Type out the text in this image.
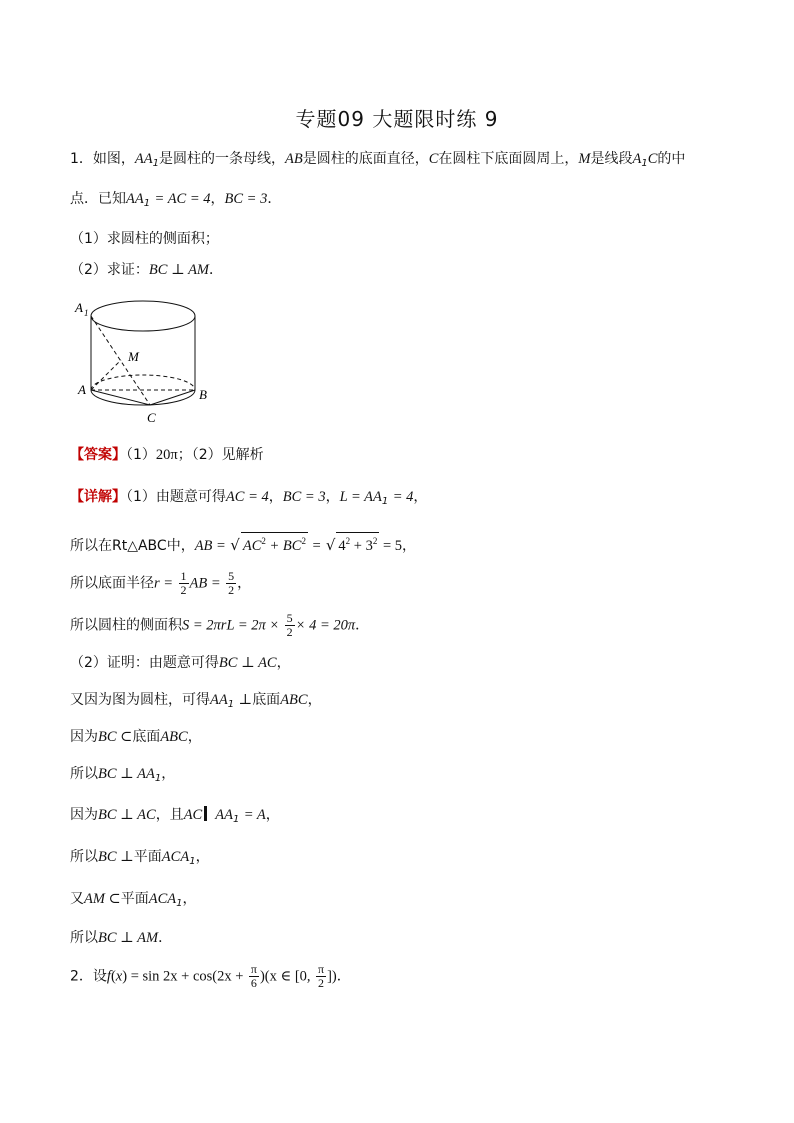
专题09 大题限时练 9
1．如图，$AA_1$是圆柱的一条母线，AB是圆柱的底面直径，C在圆柱下底面圆周上，M是线段$A_1C$的中
点．已知$AA_1$ = AC = 4，BC = 3．
（1）求圆柱的侧面积；
（2）求证：BC ⊥ AM．
A 1
M
A	B
C
【答案】（1）20π；（2）见解析
【详解】（1）由题意可得AC = 4，BC = 3，$L = AA_1 = 4$，
所以在Rt△ABC中，AB = √ $AC^2 + BC^2$ = √ $4^2 + 3^2 = 5$，
所以底面半径$r = \frac{1}{2}$ AB = $\frac{5}{2}$ ，
所以圆柱的侧面积$S = 2\pi rL = 2\pi \times \frac{5}{2} \times 4 = 20\pi$．
（2）证明：由题意可得BC ⊥ AC，
又因为图为圆柱，可得$AA_1$ ⊥底面ABC，
因为BC ⊂底面ABC，
所以BC ⊥ $AA_1$，
因为BC ⊥ AC，且AC $AA_1 = A$，
所以BC ⊥平面$ACA_1$，
又AM ⊂平面$ACA_1$，
所以BC ⊥ AM．
2．设$f(x) = \sin 2x + \cos(2x + \frac{\pi}{6} )(x$ ∈ [0, $\frac{\pi}{2}$ ])．
